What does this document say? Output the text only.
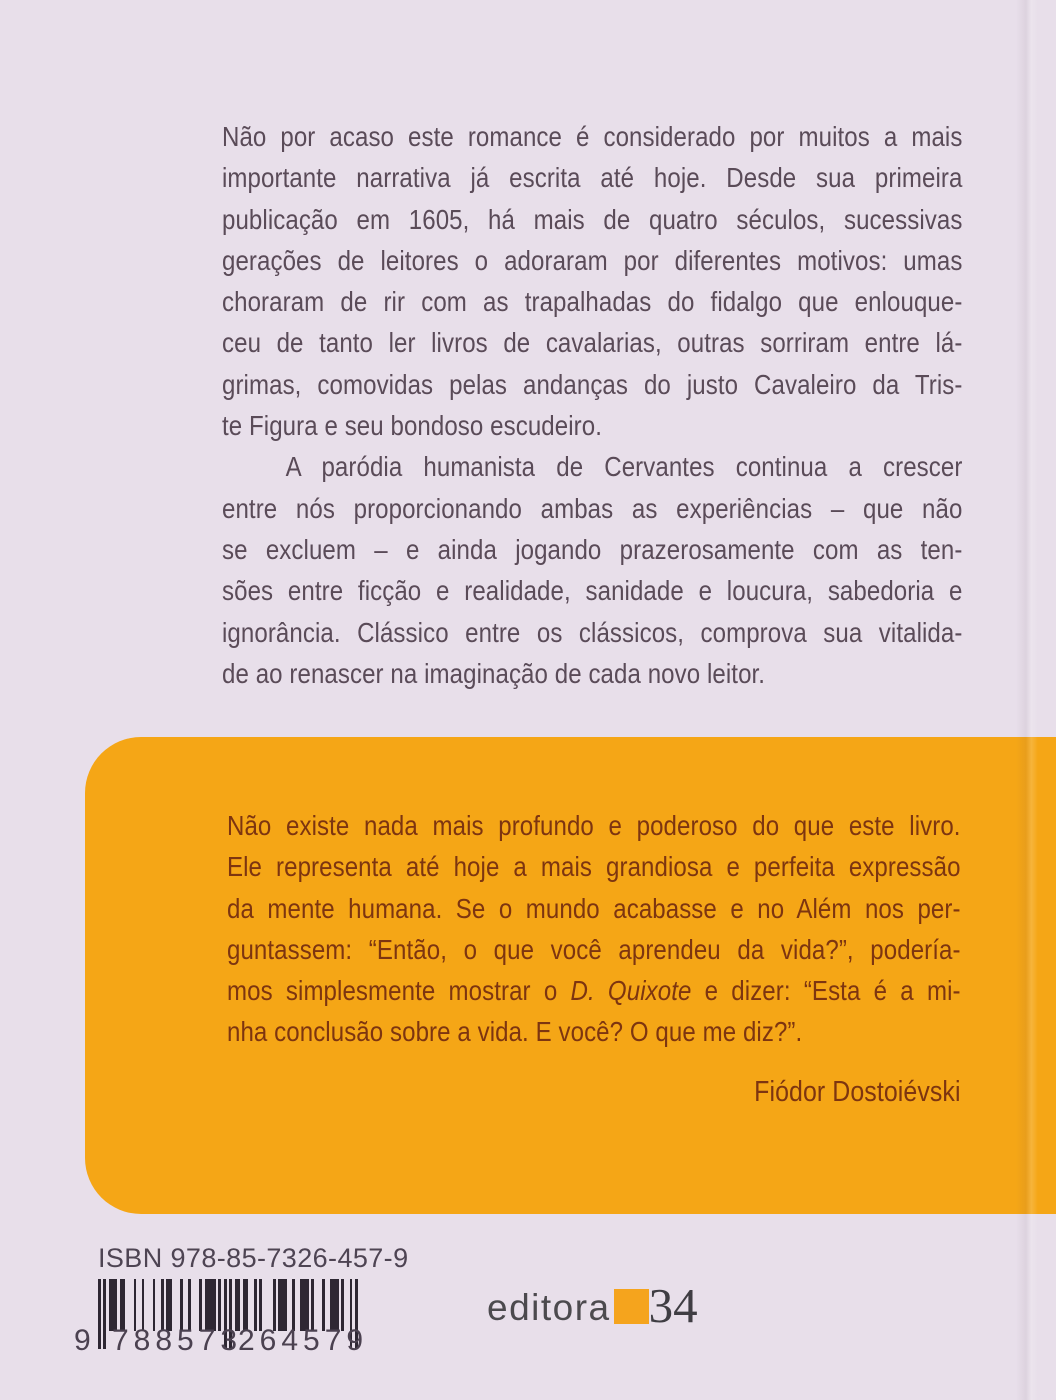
Não por acaso este romance é considerado por muitos a mais
importante narrativa já escrita até hoje. Desde sua primeira
publicação em 1605, há mais de quatro séculos, sucessivas
gerações de leitores o adoraram por diferentes motivos: umas
choraram de rir com as trapalhadas do fidalgo que enlouque-
ceu de tanto ler livros de cavalarias, outras sorriram entre lá-
grimas, comovidas pelas andanças do justo Cavaleiro da Tris-
te Figura e seu bondoso escudeiro.
A paródia humanista de Cervantes continua a crescer
entre nós proporcionando ambas as experiências – que não
se excluem – e ainda jogando prazerosamente com as ten-
sões entre ficção e realidade, sanidade e loucura, sabedoria e
ignorância. Clássico entre os clássicos, comprova sua vitalida-
de ao renascer na imaginação de cada novo leitor.
Não existe nada mais profundo e poderoso do que este livro.
Ele representa até hoje a mais grandiosa e perfeita expressão
da mente humana. Se o mundo acabasse e no Além nos per-
guntassem: “Então, o que você aprendeu da vida?”, podería-
mos simplesmente mostrar o D. Quixote e dizer: “Esta é a mi-
nha conclusão sobre a vida. E você? O que me diz?”.
Fiódor Dostoiévski
ISBN 978-85-7326-457-9
9 788573
264579
editora 34
